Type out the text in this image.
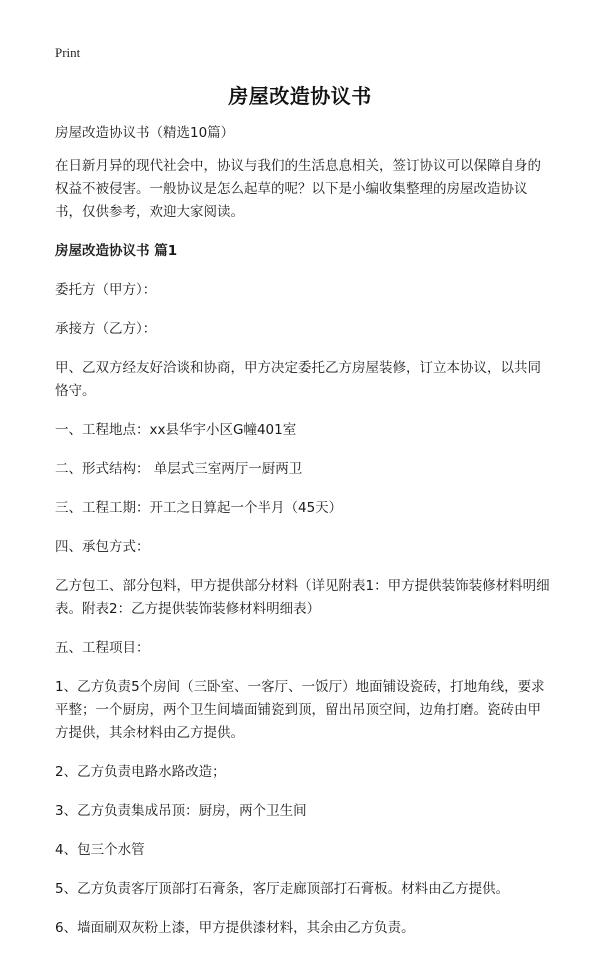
Print
房屋改造协议书

房屋改造协议书（精选10篇）

在日新月异的现代社会中，协议与我们的生活息息相关，签订协议可以保障自身的权益不被侵害。一般协议是怎么起草的呢？以下是小编收集整理的房屋改造协议书，仅供参考，欢迎大家阅读。

房屋改造协议书 篇1

委托方（甲方）：

承接方（乙方）：

甲、乙双方经友好洽谈和协商，甲方决定委托乙方房屋装修，订立本协议，以共同恪守。

一、工程地点：xx县华宇小区G幢401室

二、形式结构： 单层式三室两厅一厨两卫

三、工程工期：开工之日算起一个半月（45天）

四、承包方式：

乙方包工、部分包料，甲方提供部分材料（详见附表1：甲方提供装饰装修材料明细表。附表2：乙方提供装饰装修材料明细表）

五、工程项目：

1、乙方负责5个房间（三卧室、一客厅、一饭厅）地面铺设瓷砖，打地角线，要求平整；一个厨房，两个卫生间墙面铺瓷到顶，留出吊顶空间，边角打磨。瓷砖由甲方提供，其余材料由乙方提供。

2、乙方负责电路水路改造；

3、乙方负责集成吊顶：厨房，两个卫生间

4、包三个水管

5、乙方负责客厅顶部打石膏条，客厅走廊顶部打石膏板。材料由乙方提供。

6、墙面刷双灰粉上漆，甲方提供漆材料，其余由乙方负责。
